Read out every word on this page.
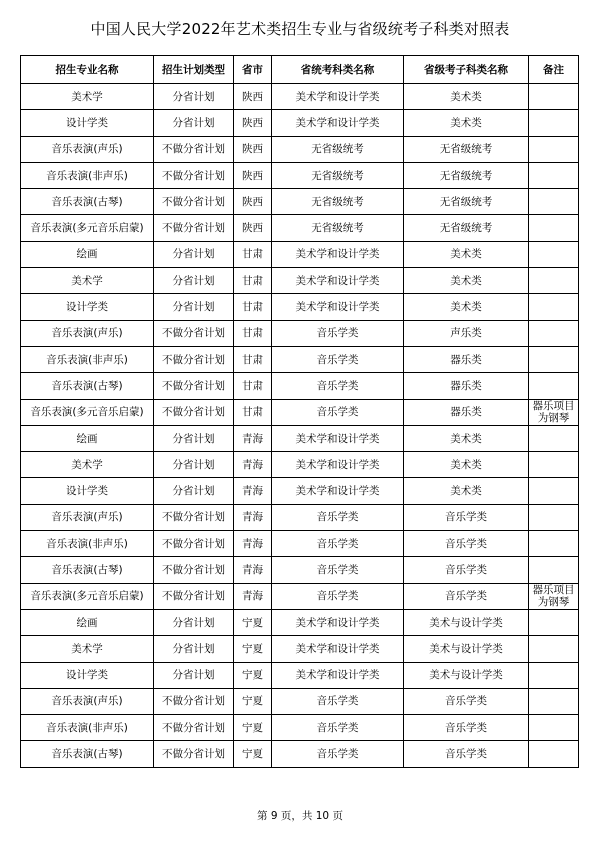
中国人民大学2022年艺术类招生专业与省级统考子科类对照表
招生专业名称	招生计划类型	省市	省统考科类名称	省级考子科类名称	备注
美术学	分省计划	陕西	美术学和设计学类	美术类	
设计学类	分省计划	陕西	美术学和设计学类	美术类	
音乐表演(声乐)	不做分省计划	陕西	无省级统考	无省级统考	
音乐表演(非声乐)	不做分省计划	陕西	无省级统考	无省级统考	
音乐表演(古琴)	不做分省计划	陕西	无省级统考	无省级统考	
音乐表演(多元音乐启蒙)	不做分省计划	陕西	无省级统考	无省级统考	
绘画	分省计划	甘肃	美术学和设计学类	美术类	
美术学	分省计划	甘肃	美术学和设计学类	美术类	
设计学类	分省计划	甘肃	美术学和设计学类	美术类	
音乐表演(声乐)	不做分省计划	甘肃	音乐学类	声乐类	
音乐表演(非声乐)	不做分省计划	甘肃	音乐学类	器乐类	
音乐表演(古琴)	不做分省计划	甘肃	音乐学类	器乐类	
音乐表演(多元音乐启蒙)	不做分省计划	甘肃	音乐学类	器乐类	器乐项目为钢琴
绘画	分省计划	青海	美术学和设计学类	美术类	
美术学	分省计划	青海	美术学和设计学类	美术类	
设计学类	分省计划	青海	美术学和设计学类	美术类	
音乐表演(声乐)	不做分省计划	青海	音乐学类	音乐学类	
音乐表演(非声乐)	不做分省计划	青海	音乐学类	音乐学类	
音乐表演(古琴)	不做分省计划	青海	音乐学类	音乐学类	
音乐表演(多元音乐启蒙)	不做分省计划	青海	音乐学类	音乐学类	器乐项目为钢琴
绘画	分省计划	宁夏	美术学和设计学类	美术与设计学类	
美术学	分省计划	宁夏	美术学和设计学类	美术与设计学类	
设计学类	分省计划	宁夏	美术学和设计学类	美术与设计学类	
音乐表演(声乐)	不做分省计划	宁夏	音乐学类	音乐学类	
音乐表演(非声乐)	不做分省计划	宁夏	音乐学类	音乐学类	
音乐表演(古琴)	不做分省计划	宁夏	音乐学类	音乐学类	
第 9 页，共 10 页
